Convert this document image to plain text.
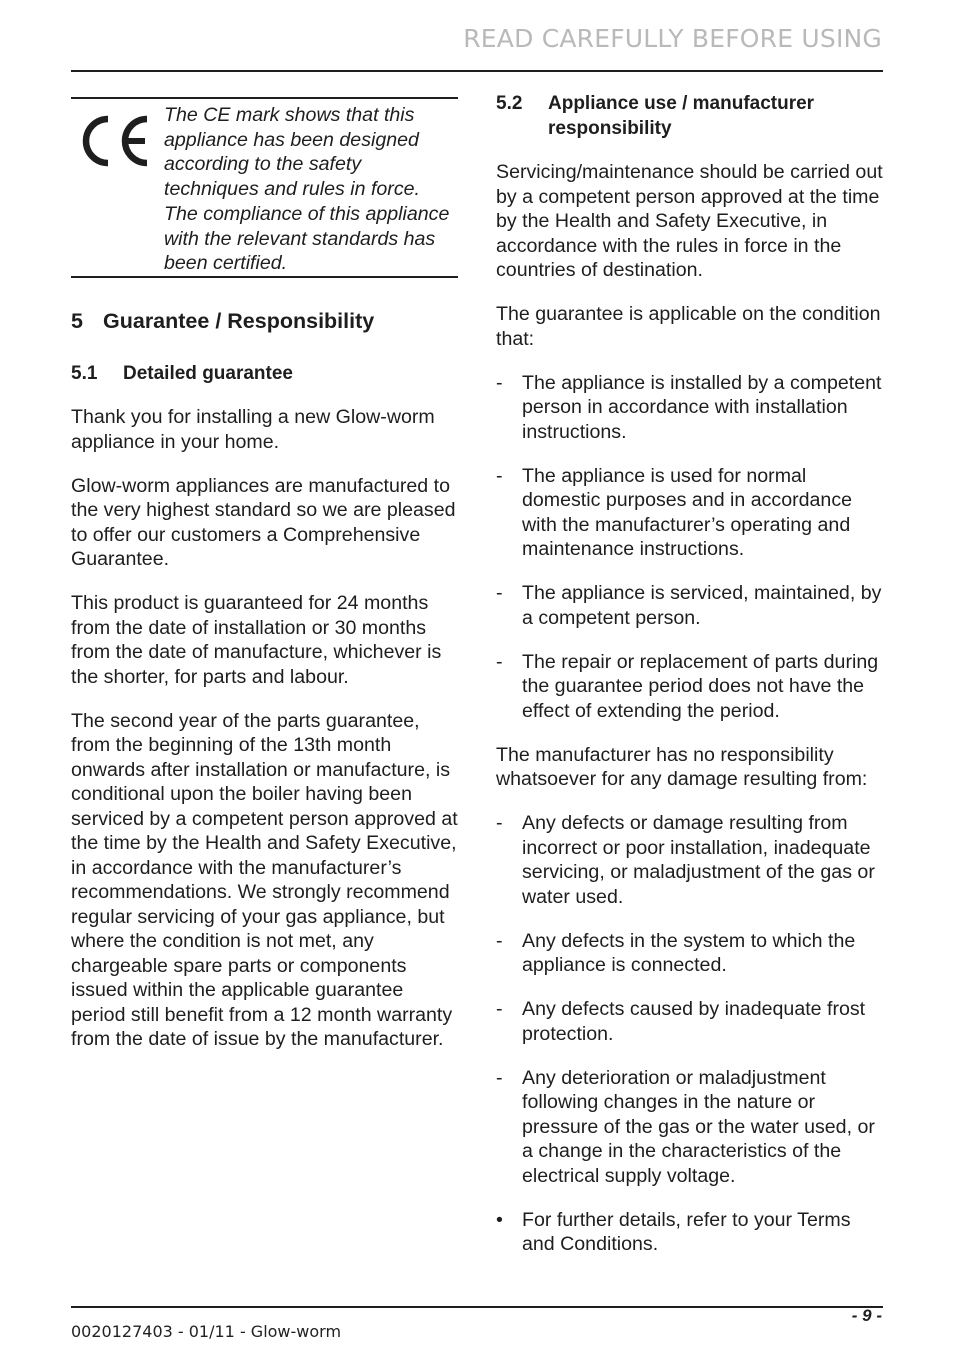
READ CAREFULLY BEFORE USING

The CE mark shows that this appliance has been designed according to the safety techniques and rules in force. The compliance of this appliance with the relevant standards has been certified.

5 Guarantee / Responsibility
5.1	Detailed guarantee

Thank you for installing a new Glow-worm appliance in your home.

Glow-worm appliances are manufactured to the very highest standard so we are pleased to offer our customers a Comprehensive Guarantee.

This product is guaranteed for 24 months from the date of installation or 30 months from the date of manufacture, whichever is the shorter, for parts and labour.

The second year of the parts guarantee, from the beginning of the 13th month onwards after installation or manufacture, is conditional upon the boiler having been serviced by a competent person approved at the time by the Health and Safety Executive, in accordance with the manufacturer’s recommendations. We strongly recommend regular servicing of your gas appliance, but where the condition is not met, any chargeable spare parts or components issued within the applicable guarantee period still benefit from a 12 month warranty from the date of issue by the manufacturer.

5.2	Appliance use / manufacturer responsibility

Servicing/maintenance should be carried out by a competent person approved at the time by the Health and Safety Executive, in accordance with the rules in force in the countries of destination.

The guarantee is applicable on the condition that:

- The appliance is installed by a competent person in accordance with installation instructions.
- The appliance is used for normal domestic purposes and in accordance with the manufacturer’s operating and maintenance instructions.
- The appliance is serviced, maintained, by a competent person.
- The repair or replacement of parts during the guarantee period does not have the effect of extending the period.

The manufacturer has no responsibility whatsoever for any damage resulting from:

- Any defects or damage resulting from incorrect or poor installation, inadequate servicing, or maladjustment of the gas or water used.
- Any defects in the system to which the appliance is connected.
- Any defects caused by inadequate frost protection.
- Any deterioration or maladjustment following changes in the nature or pressure of the gas or the water used, or a change in the characteristics of the electrical supply voltage.
• For further details, refer to your Terms and Conditions.
- 9 -
0020127403 - 01/11 - Glow-worm
